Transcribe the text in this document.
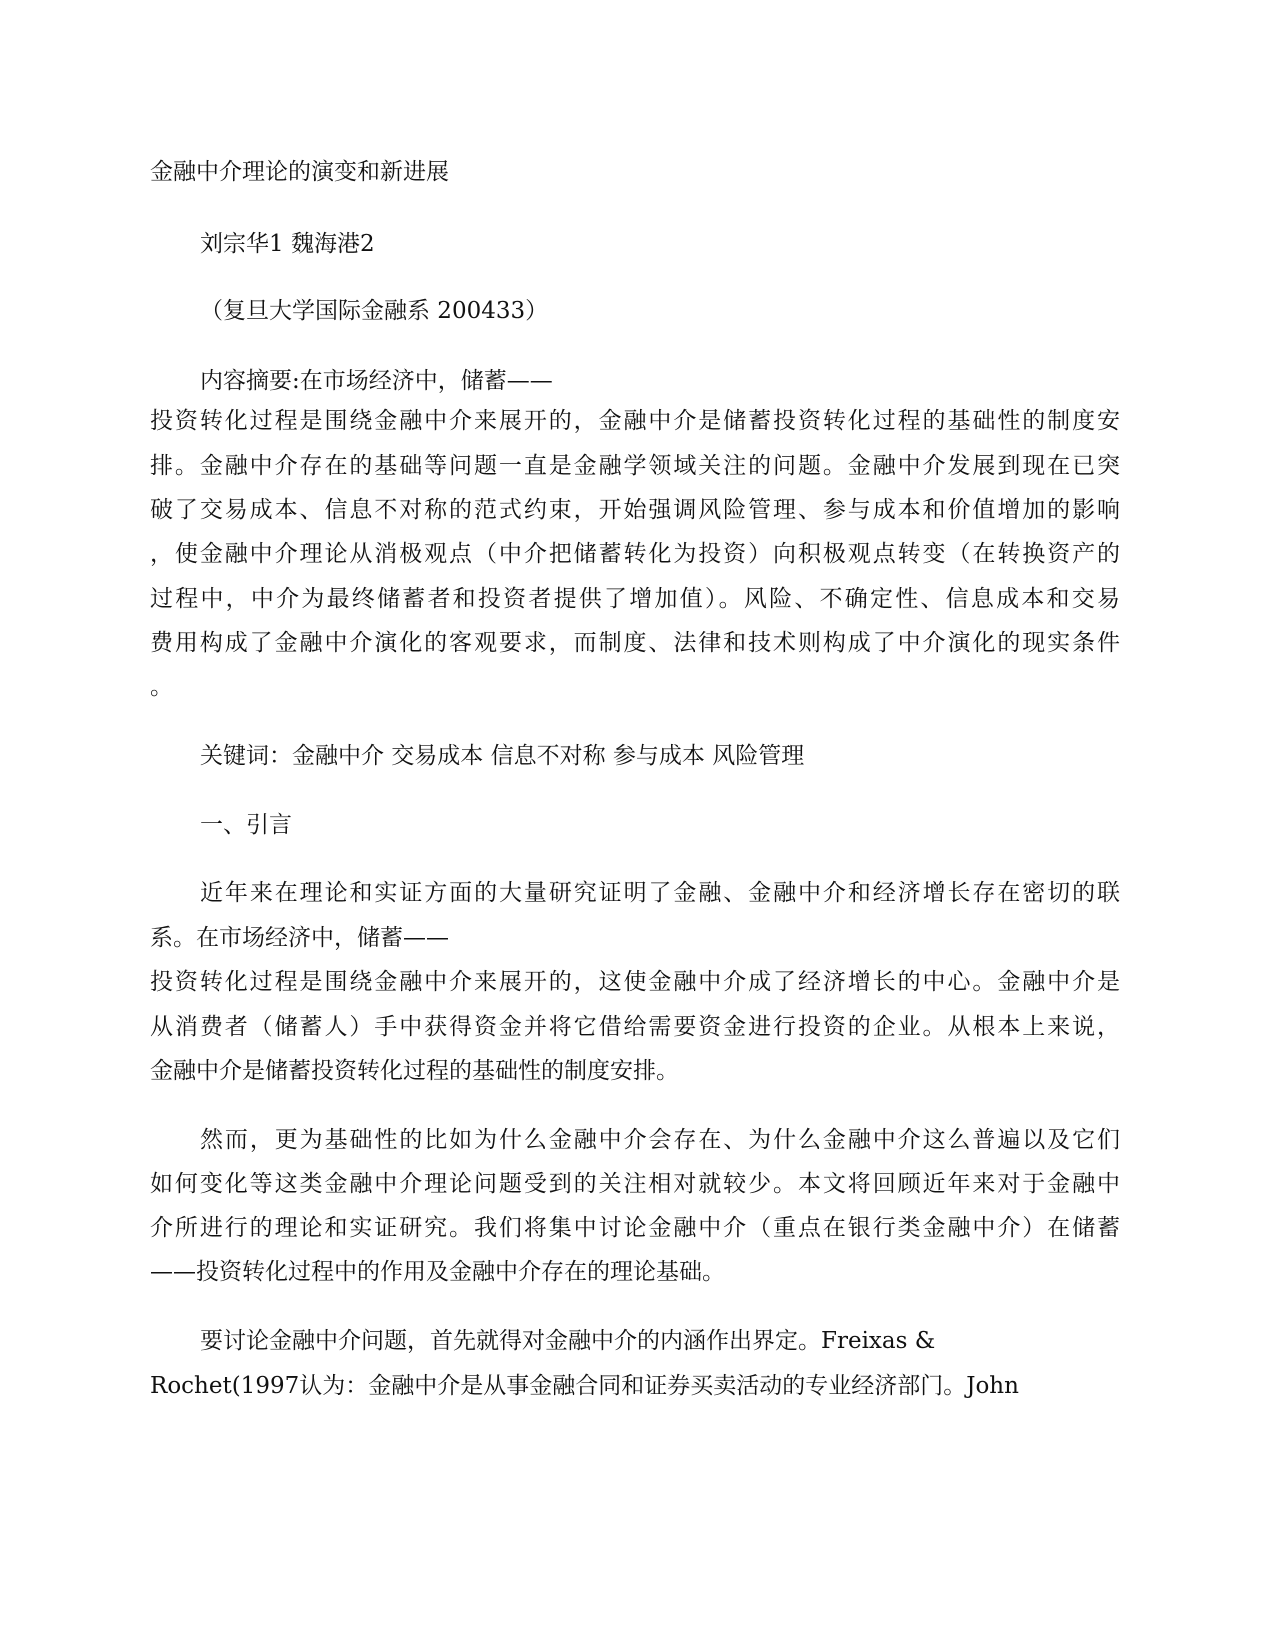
金融中介理论的演变和新进展
刘宗华1 魏海港2
（复旦大学国际金融系 200433）
内容摘要:在市场经济中，储蓄——
投资转化过程是围绕金融中介来展开的，金融中介是储蓄投资转化过程的基础性的制度安
排。金融中介存在的基础等问题一直是金融学领域关注的问题。金融中介发展到现在已突
破了交易成本、信息不对称的范式约束，开始强调风险管理、参与成本和价值增加的影响
，使金融中介理论从消极观点（中介把储蓄转化为投资）向积极观点转变（在转换资产的
过程中，中介为最终储蓄者和投资者提供了增加值）。风险、不确定性、信息成本和交易
费用构成了金融中介演化的客观要求，而制度、法律和技术则构成了中介演化的现实条件
。
关键词：金融中介 交易成本 信息不对称 参与成本 风险管理
一、引言
近年来在理论和实证方面的大量研究证明了金融、金融中介和经济增长存在密切的联
系。在市场经济中，储蓄——
投资转化过程是围绕金融中介来展开的，这使金融中介成了经济增长的中心。金融中介是
从消费者（储蓄人）手中获得资金并将它借给需要资金进行投资的企业。从根本上来说，
金融中介是储蓄投资转化过程的基础性的制度安排。
然而，更为基础性的比如为什么金融中介会存在、为什么金融中介这么普遍以及它们
如何变化等这类金融中介理论问题受到的关注相对就较少。本文将回顾近年来对于金融中
介所进行的理论和实证研究。我们将集中讨论金融中介（重点在银行类金融中介）在储蓄
——投资转化过程中的作用及金融中介存在的理论基础。
要讨论金融中介问题，首先就得对金融中介的内涵作出界定。Freixas &
Rochet(1997认为：金融中介是从事金融合同和证券买卖活动的专业经济部门。John
